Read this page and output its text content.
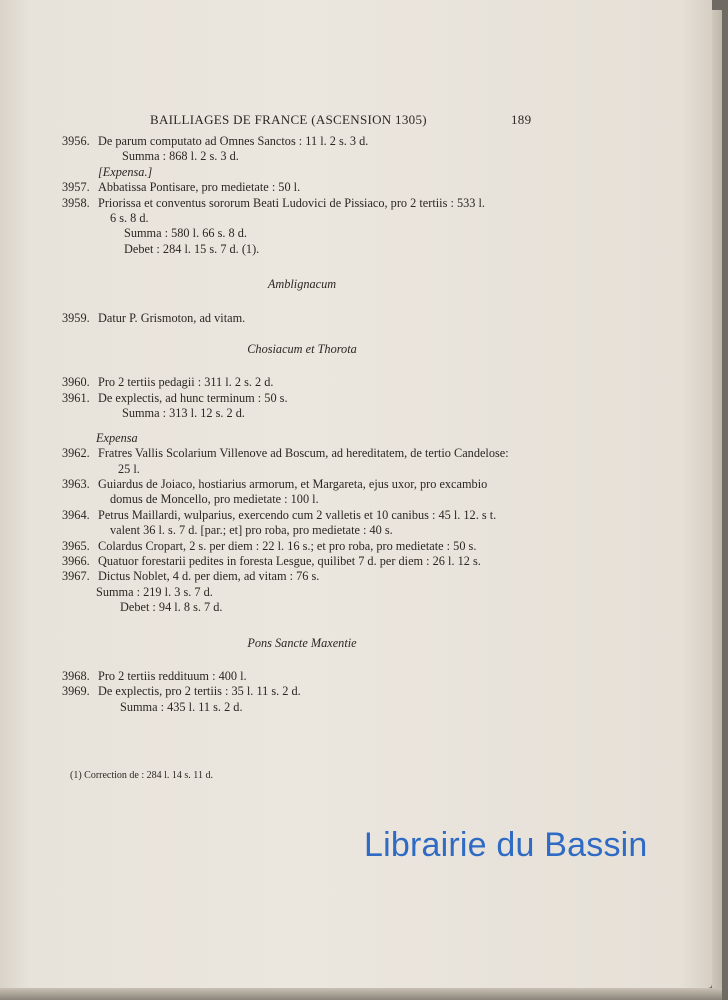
BAILLIAGES DE FRANCE (ASCENSION 1305)	189
3956. De parum computato ad Omnes Sanctos : 11 l. 2 s. 3 d.
Summa : 868 l. 2 s. 3 d.
[Expensa.]
3957. Abbatissa Pontisare, pro medietate : 50 l.
3958. Priorissa et conventus sororum Beati Ludovici de Pissiaco, pro 2 tertiis : 533 l.
6 s. 8 d.
Summa : 580 l. 66 s. 8 d.
Debet : 284 l. 15 s. 7 d. (1).
Amblignacum
3959. Datur P. Grismoton, ad vitam.
Chosiacum et Thorota
3960. Pro 2 tertiis pedagii : 311 l. 2 s. 2 d.
3961. De explectis, ad hunc terminum : 50 s.
Summa : 313 l. 12 s. 2 d.
Expensa
3962. Fratres Vallis Scolarium Villenove ad Boscum, ad hereditatem, de tertio Candelose:
25 l.
3963. Guiardus de Joiaco, hostiarius armorum, et Margareta, ejus uxor, pro excambio
domus de Moncello, pro medietate : 100 l.
3964. Petrus Maillardi, wulparius, exercendo cum 2 valletis et 10 canibus : 45 l. 12. s t.
valent 36 l. s. 7 d. [par.; et] pro roba, pro medietate : 40 s.
3965. Colardus Cropart, 2 s. per diem : 22 l. 16 s.; et pro roba, pro medietate : 50 s.
3966. Quatuor forestarii pedites in foresta Lesgue, quilibet 7 d. per diem : 26 l. 12 s.
3967. Dictus Noblet, 4 d. per diem, ad vitam : 76 s.
Summa : 219 l. 3 s. 7 d.
Debet : 94 l. 8 s. 7 d.
Pons Sancte Maxentie
3968. Pro 2 tertiis reddituum : 400 l.
3969. De explectis, pro 2 tertiis : 35 l. 11 s. 2 d.
Summa : 435 l. 11 s. 2 d.
(1) Correction de : 284 l. 14 s. 11 d.
Librairie du Bassin
